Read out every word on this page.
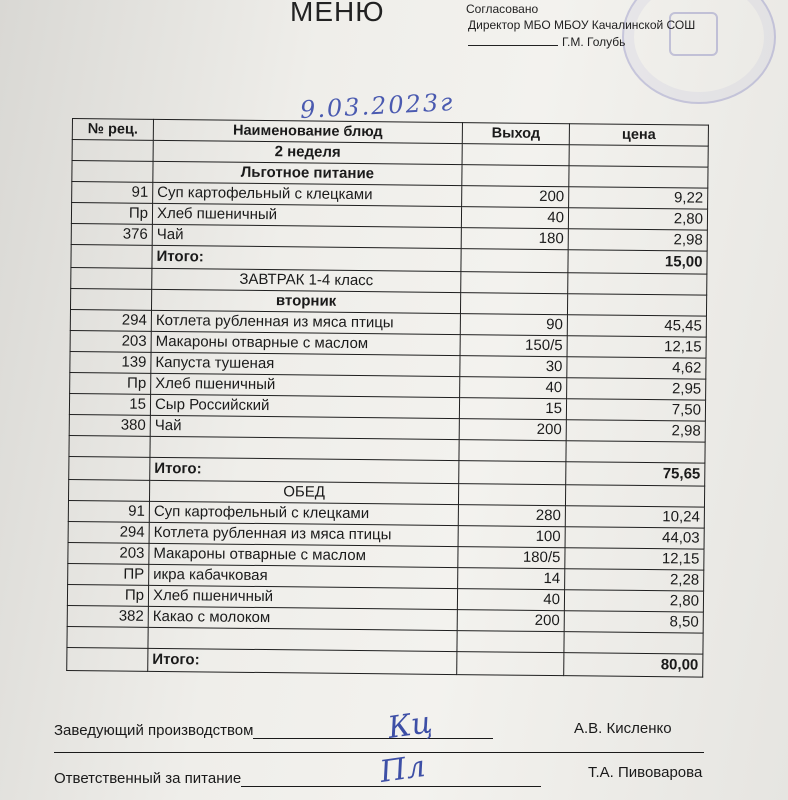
МЕНЮ	Согласовано
Директор МБО МБОУ Качалинской СОШ
Г.М. Голубь
9.03.2023г
№ рец.	Наименование блюд	Выход	цена
	2 неделя		
	Льготное питание		
91	Суп картофельный с клецками	200	9,22
Пр	Хлеб пшеничный	40	2,80
376	Чай	180	2,98
	Итого:		15,00
	ЗАВТРАК 1-4 класс		
	вторник		
294	Котлета рубленная из мяса птицы	90	45,45
203	Макароны отварные с маслом	150/5	12,15
139	Капуста тушеная	30	4,62
Пр	Хлеб пшеничный	40	2,95
15	Сыр Российский	15	7,50
380	Чай	200	2,98

	Итого:		75,65
	ОБЕД		
91	Суп картофельный с клецками	280	10,24
294	Котлета рубленная из мяса птицы	100	44,03
203	Макароны отварные с маслом	180/5	12,15
ПР	икра кабачковая	14	2,28
Пр	Хлеб пшеничный	40	2,80
382	Какао с молоком	200	8,50

	Итого:		80,00
Заведующий производством	Кц	А.В. Кисленко
Ответственный за питание	Пл	Т.А. Пивоварова
